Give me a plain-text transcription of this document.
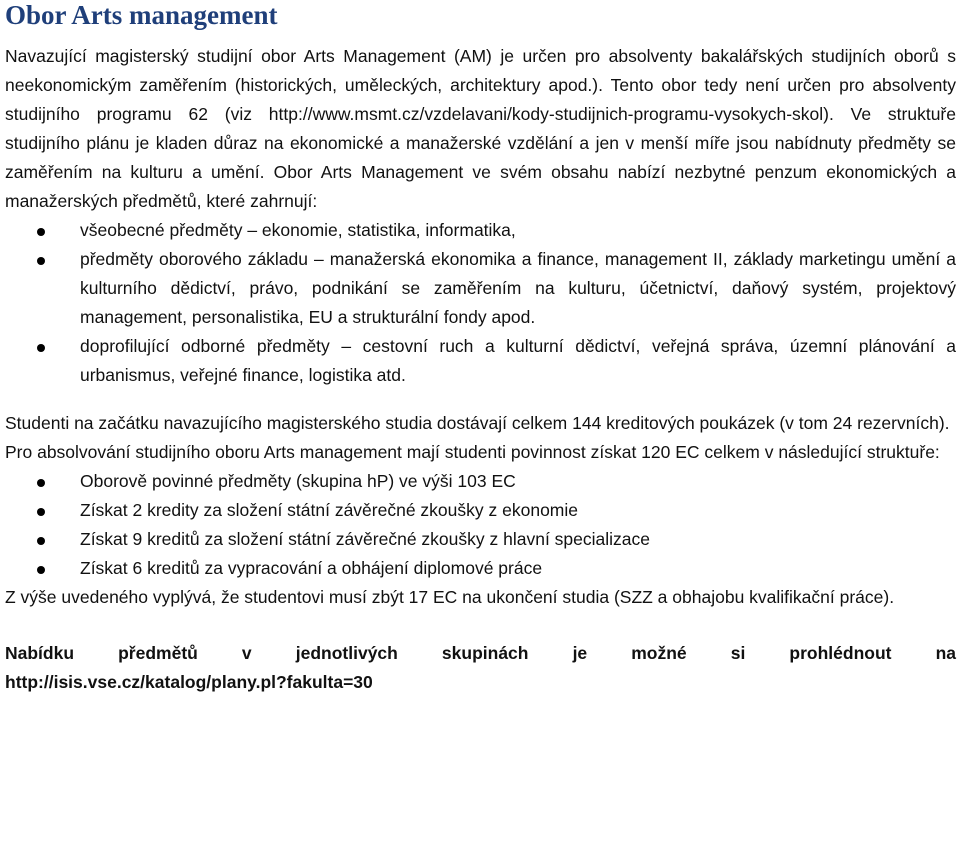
Obor Arts management

Navazující magisterský studijní obor Arts Management (AM) je určen pro absolventy bakalářských studijních oborů s neekonomickým zaměřením (historických, uměleckých, architektury apod.). Tento obor tedy není určen pro absolventy studijního programu 62 (viz http://www.msmt.cz/vzdelavani/kody-studijnich-programu-vysokych-skol). Ve struktuře studijního plánu je kladen důraz na ekonomické a manažerské vzdělání a jen v menší míře jsou nabídnuty předměty se zaměřením na kulturu a umění. Obor Arts Management ve svém obsahu nabízí nezbytné penzum ekonomických a manažerských předmětů, které zahrnují:

všeobecné předměty – ekonomie, statistika, informatika,
předměty oborového základu – manažerská ekonomika a finance, management II, základy marketingu umění a kulturního dědictví, právo, podnikání se zaměřením na kulturu, účetnictví, daňový systém, projektový management, personalistika, EU a strukturální fondy apod.
doprofilující odborné předměty – cestovní ruch a kulturní dědictví, veřejná správa, územní plánování a urbanismus, veřejné finance, logistika atd.

Studenti na začátku navazujícího magisterského studia dostávají celkem 144 kreditových poukázek (v tom 24 rezervních).

Pro absolvování studijního oboru Arts management mají studenti povinnost získat 120 EC celkem v následující struktuře:

Oborově povinné předměty (skupina hP) ve výši 103 EC
Získat 2 kredity za složení státní závěrečné zkoušky z ekonomie
Získat 9 kreditů za složení státní závěrečné zkoušky z hlavní specializace
Získat 6 kreditů za vypracování a obhájení diplomové práce

Z výše uvedeného vyplývá, že studentovi musí zbýt 17 EC na ukončení studia (SZZ a obhajobu kvalifikační práce).

Nabídku předmětů v jednotlivých skupinách je možné si prohlédnout na

http://isis.vse.cz/katalog/plany.pl?fakulta=30
